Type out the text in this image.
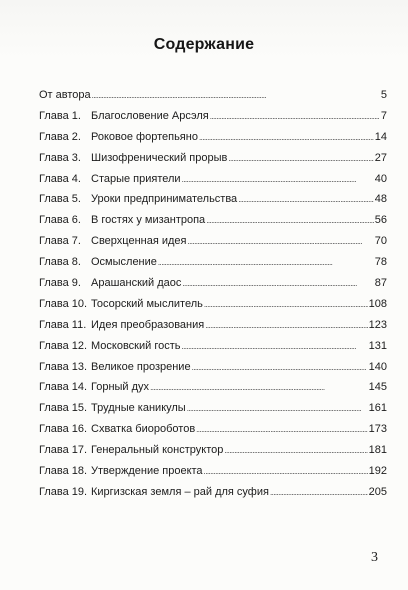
Содержание
От автора . . .	5
Глава 1. Благословение Арсэля . . .	7
Глава 2. Роковое фортепьяно . . .	14
Глава 3. Шизофренический прорыв . . .	27
Глава 4. Старые приятели . . .	40
Глава 5. Уроки предпринимательства . . .	48
Глава 6. В гостях у мизантропа . . .	56
Глава 7. Сверхценная идея . . .	70
Глава 8. Осмысление . . .	78
Глава 9. Арашанский даос . . .	87
Глава 10. Тосорский мыслитель . . .	108
Глава 11. Идея преобразования . . .	123
Глава 12. Московский гость . . .	131
Глава 13. Великое прозрение . . .	140
Глава 14. Горный дух . . .	145
Глава 15. Трудные каникулы . . .	161
Глава 16. Схватка биороботов . . .	173
Глава 17. Генеральный конструктор . . .	181
Глава 18. Утверждение проекта . . .	192
Глава 19. Киргизская земля – рай для суфия . . .	205
3
